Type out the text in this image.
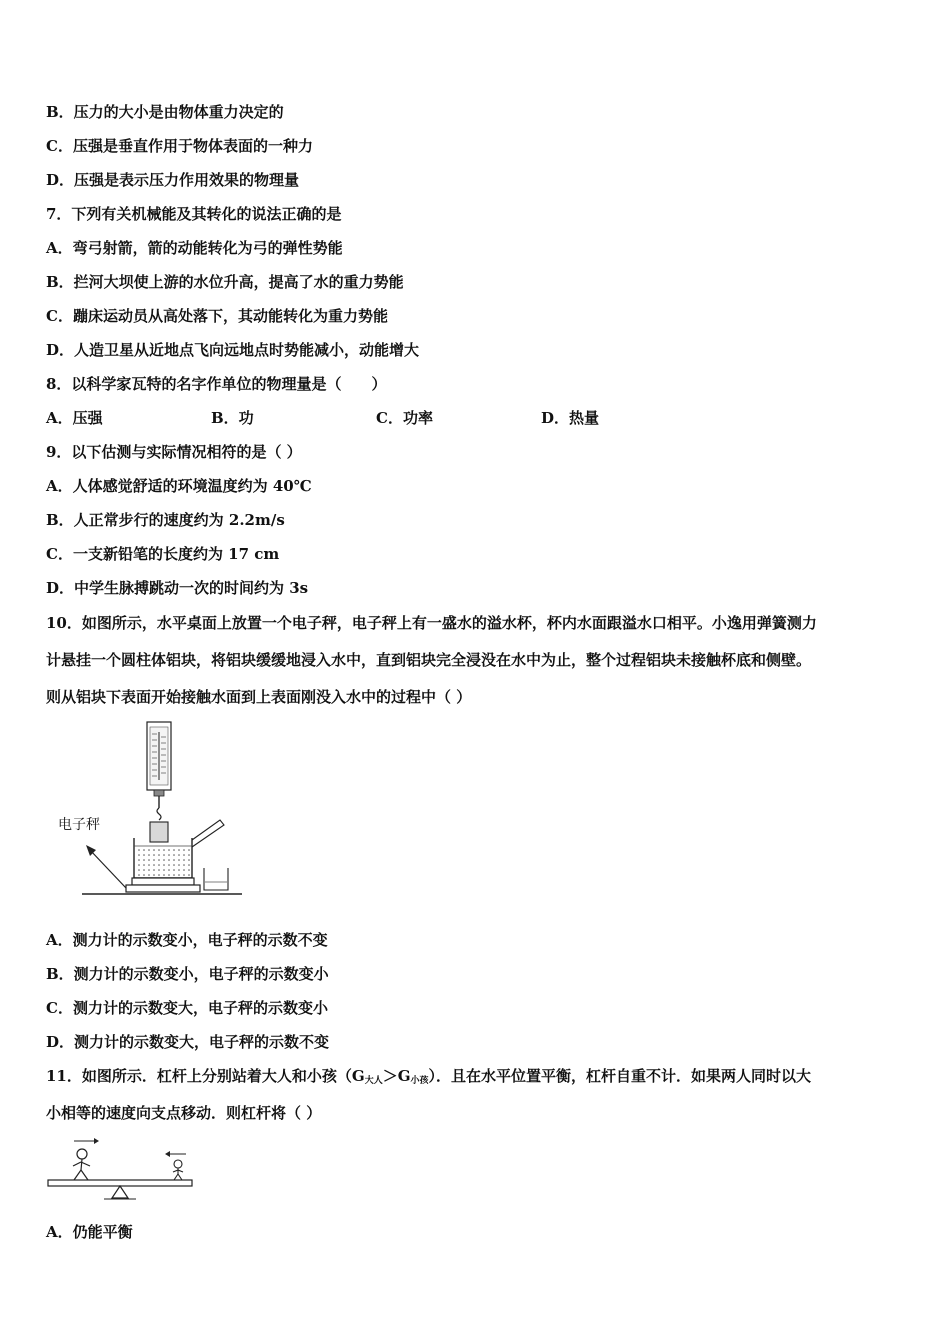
B．压力的大小是由物体重力决定的
C．压强是垂直作用于物体表面的一种力
D．压强是表示压力作用效果的物理量
7．下列有关机械能及其转化的说法正确的是
A．弯弓射箭，箭的动能转化为弓的弹性势能
B．拦河大坝使上游的水位升高，提高了水的重力势能
C．蹦床运动员从高处落下，其动能转化为重力势能
D．人造卫星从近地点飞向远地点时势能减小，动能增大
8．以科学家瓦特的名字作单位的物理量是（　　）
A．压强	B．功	C．功率	D．热量
9．以下估测与实际情况相符的是（ ）
A．人体感觉舒适的环境温度约为 40℃
B．人正常步行的速度约为 2.2m/s
C．一支新铅笔的长度约为 17 cm
D．中学生脉搏跳动一次的时间约为 3s
10．如图所示，水平桌面上放置一个电子秤，电子秤上有一盛水的溢水杯，杯内水面跟溢水口相平。小逸用弹簧测力
计悬挂一个圆柱体铝块，将铝块缓缓地浸入水中，直到铝块完全浸没在水中为止，整个过程铝块未接触杯底和侧壁。
则从铝块下表面开始接触水面到上表面刚没入水中的过程中（ ）
电子秤
A．测力计的示数变小，电子秤的示数不变
B．测力计的示数变小，电子秤的示数变小
C．测力计的示数变大，电子秤的示数变小
D．测力计的示数变大，电子秤的示数不变
11．如图所示．杠杆上分别站着大人和小孩$(G_{大人}>G_{小孩})$．且在水平位置平衡，杠杆自重不计．如果两人同时以大
小相等的速度向支点移动．则杠杆将（ ）
A．仍能平衡
